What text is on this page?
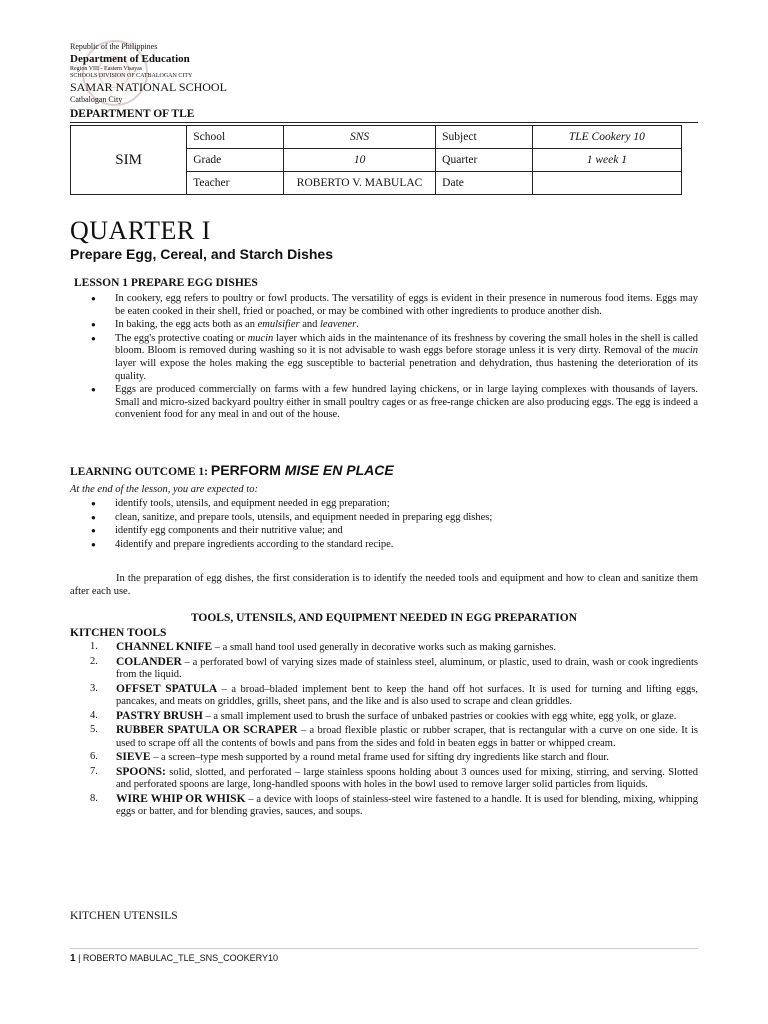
Republic of the Philippines
Department of Education
Region VIII - Eastern Visayas
SCHOOLS DIVISION OF CATBALOGAN CITY
SAMAR NATIONAL SCHOOL
Catbalogan City
DEPARTMENT OF TLE
SIM	School	SNS	Subject	TLE Cookery 10
	Grade	10	Quarter	1 week 1
	Teacher	ROBERTO V. MABULAC	Date	
QUARTER I
Prepare Egg, Cereal, and Starch Dishes
LESSON 1 PREPARE EGG DISHES
● In cookery, egg refers to poultry or fowl products. The versatility of eggs is evident in their presence in numerous food items. Eggs may be eaten cooked in their shell, fried or poached, or may be combined with other ingredients to produce another dish.
● In baking, the egg acts both as an emulsifier and leavener.
● The egg's protective coating or mucin layer which aids in the maintenance of its freshness by covering the small holes in the shell is called bloom. Bloom is removed during washing so it is not advisable to wash eggs before storage unless it is very dirty. Removal of the mucin layer will expose the holes making the egg susceptible to bacterial penetration and dehydration, thus hastening the deterioration of its quality.
● Eggs are produced commercially on farms with a few hundred laying chickens, or in large laying complexes with thousands of layers. Small and micro-sized backyard poultry either in small poultry cages or as free-range chicken are also producing eggs. The egg is indeed a convenient food for any meal in and out of the house.
LEARNING OUTCOME 1: PERFORM MISE EN PLACE
At the end of the lesson, you are expected to:
● identify tools, utensils, and equipment needed in egg preparation;
● clean, sanitize, and prepare tools, utensils, and equipment needed in preparing egg dishes;
● identify egg components and their nutritive value; and
● 4identify and prepare ingredients according to the standard recipe.
In the preparation of egg dishes, the first consideration is to identify the needed tools and equipment and how to clean and sanitize them after each use.
TOOLS, UTENSILS, AND EQUIPMENT NEEDED IN EGG PREPARATION
KITCHEN TOOLS
1. CHANNEL KNIFE – a small hand tool used generally in decorative works such as making garnishes.
2. COLANDER – a perforated bowl of varying sizes made of stainless steel, aluminum, or plastic, used to drain, wash or cook ingredients from the liquid.
3. OFFSET SPATULA – a broad–bladed implement bent to keep the hand off hot surfaces. It is used for turning and lifting eggs, pancakes, and meats on griddles, grills, sheet pans, and the like and is also used to scrape and clean griddles.
4. PASTRY BRUSH – a small implement used to brush the surface of unbaked pastries or cookies with egg white, egg yolk, or glaze.
5. RUBBER SPATULA OR SCRAPER – a broad flexible plastic or rubber scraper, that is rectangular with a curve on one side. It is used to scrape off all the contents of bowls and pans from the sides and fold in beaten eggs in batter or whipped cream.
6. SIEVE – a screen–type mesh supported by a round metal frame used for sifting dry ingredients like starch and flour.
7. SPOONS: solid, slotted, and perforated – large stainless spoons holding about 3 ounces used for mixing, stirring, and serving. Slotted and perforated spoons are large, long-handled spoons with holes in the bowl used to remove larger solid particles from liquids.
8. WIRE WHIP OR WHISK – a device with loops of stainless-steel wire fastened to a handle. It is used for blending, mixing, whipping eggs or batter, and for blending gravies, sauces, and soups.
KITCHEN UTENSILS
1 | ROBERTO MABULAC_TLE_SNS_COOKERY10
